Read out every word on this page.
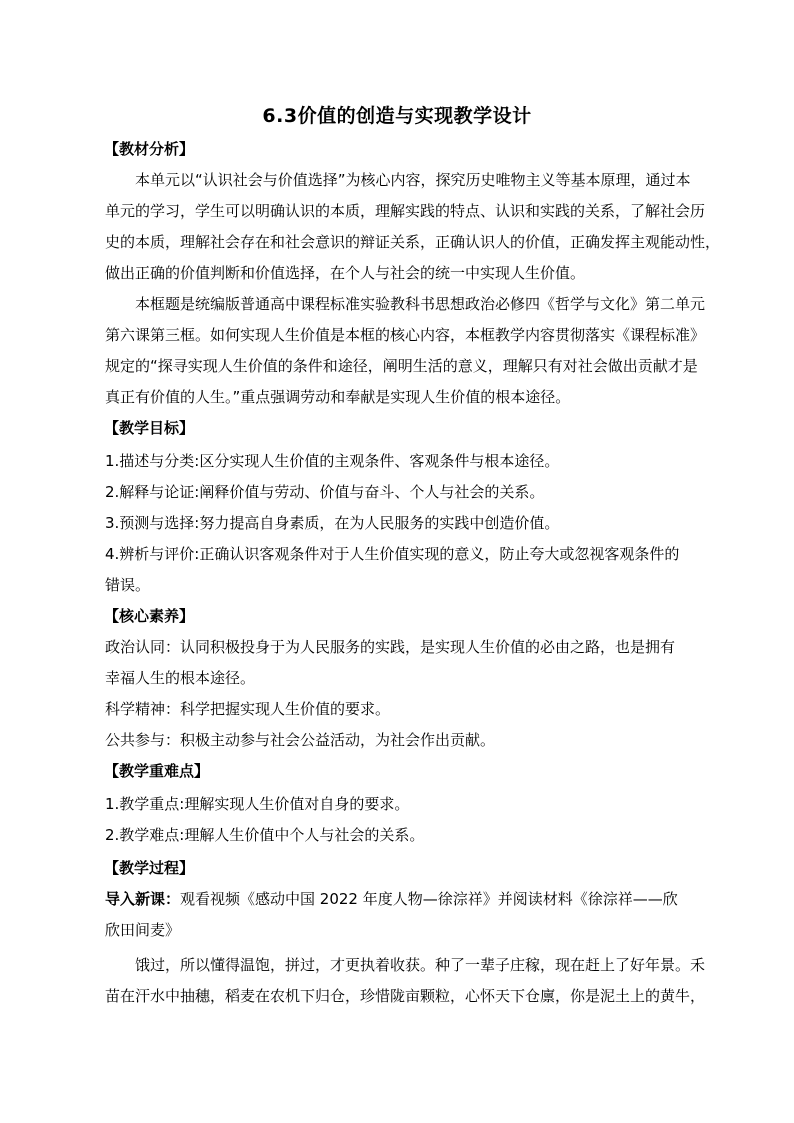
6.3价值的创造与实现教学设计
【教材分析】
本单元以“认识社会与价值选择”为核心内容，探究历史唯物主义等基本原理，通过本
单元的学习，学生可以明确认识的本质，理解实践的特点、认识和实践的关系，了解社会历
史的本质，理解社会存在和社会意识的辩证关系，正确认识人的价值，正确发挥主观能动性，
做出正确的价值判断和价值选择，在个人与社会的统一中实现人生价值。
本框题是统编版普通高中课程标准实验教科书思想政治必修四《哲学与文化》第二单元
第六课第三框。如何实现人生价值是本框的核心内容，本框教学内容贯彻落实《课程标准》
规定的“探寻实现人生价值的条件和途径，阐明生活的意义，理解只有对社会做出贡献才是
真正有价值的人生。”重点强调劳动和奉献是实现人生价值的根本途径。
【教学目标】
1.描述与分类:区分实现人生价值的主观条件、客观条件与根本途径。
2.解释与论证:阐释价值与劳动、价值与奋斗、个人与社会的关系。
3.预测与选择:努力提高自身素质，在为人民服务的实践中创造价值。
4.辨析与评价:正确认识客观条件对于人生价值实现的意义，防止夸大或忽视客观条件的
错误。
【核心素养】
政治认同：认同积极投身于为人民服务的实践，是实现人生价值的必由之路，也是拥有
幸福人生的根本途径。
科学精神：科学把握实现人生价值的要求。
公共参与：积极主动参与社会公益活动，为社会作出贡献。
【教学重难点】
1.教学重点:理解实现人生价值对自身的要求。
2.教学难点:理解人生价值中个人与社会的关系。
【教学过程】
导入新课：观看视频《感动中国 2022 年度人物—徐淙祥》并阅读材料《徐淙祥——欣
欣田间麦》
饿过，所以懂得温饱，拼过，才更执着收获。种了一辈子庄稼，现在赶上了好年景。禾
苗在汗水中抽穗，稻麦在农机下归仓，珍惜陇亩颗粒，心怀天下仓廪，你是泥土上的黄牛，
